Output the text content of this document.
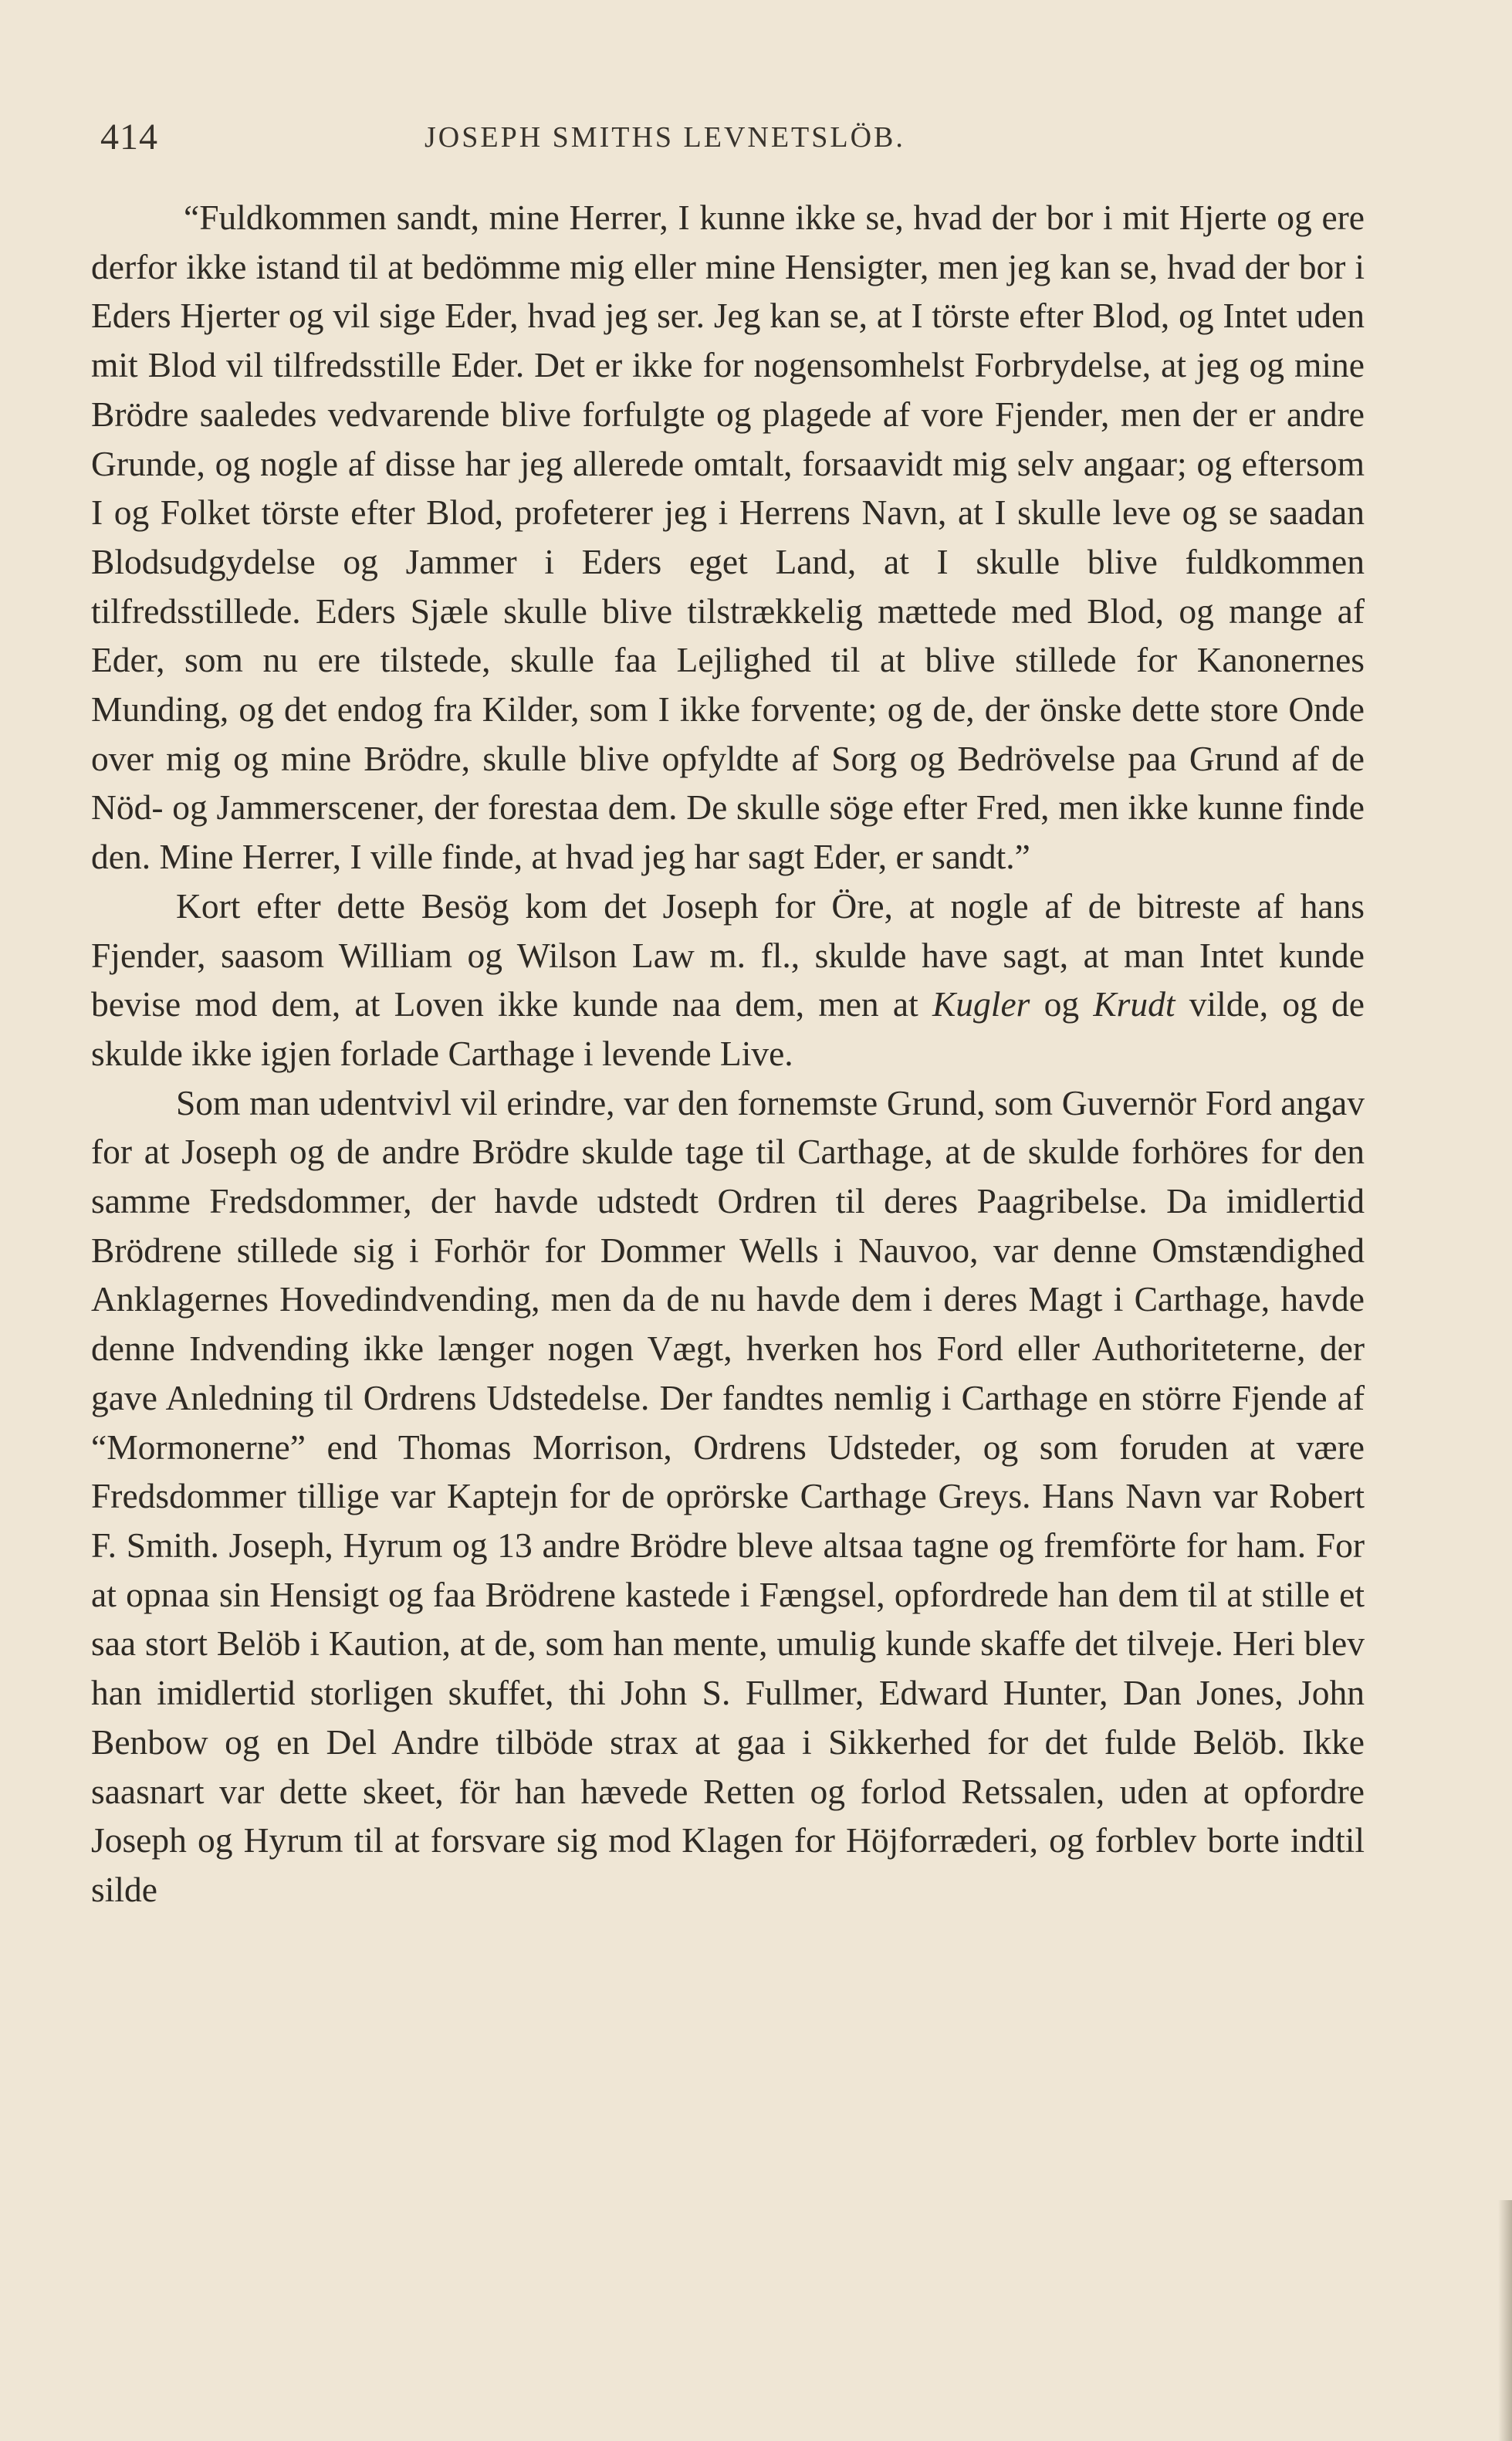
414	JOSEPH SMITHS LEVNETSLÖB.

“Fuldkommen sandt, mine Herrer, I kunne ikke se, hvad der bor i mit Hjerte og ere derfor ikke istand til at bedömme mig eller mine Hensigter, men jeg kan se, hvad der bor i Eders Hjerter og vil sige Eder, hvad jeg ser. Jeg kan se, at I törste efter Blod, og Intet uden mit Blod vil tilfredsstille Eder. Det er ikke for nogensomhelst Forbrydelse, at jeg og mine Brödre saaledes vedvarende blive forfulgte og plagede af vore Fjender, men der er andre Grunde, og nogle af disse har jeg allerede omtalt, forsaavidt mig selv angaar; og eftersom I og Folket törste efter Blod, profeterer jeg i Herrens Navn, at I skulle leve og se saadan Blodsudgydelse og Jammer i Eders eget Land, at I skulle blive fuldkommen tilfredsstillede. Eders Sjæle skulle blive tilstrækkelig mættede med Blod, og mange af Eder, som nu ere tilstede, skulle faa Lejlighed til at blive stillede for Kanonernes Munding, og det endog fra Kilder, som I ikke forvente; og de, der önske dette store Onde over mig og mine Brödre, skulle blive opfyldte af Sorg og Bedrövelse paa Grund af de Nöd- og Jammerscener, der forestaa dem. De skulle söge efter Fred, men ikke kunne finde den. Mine Herrer, I ville finde, at hvad jeg har sagt Eder, er sandt.”

Kort efter dette Besög kom det Joseph for Öre, at nogle af de bitreste af hans Fjender, saasom William og Wilson Law m. fl., skulde have sagt, at man Intet kunde bevise mod dem, at Loven ikke kunde naa dem, men at Kugler og Krudt vilde, og de skulde ikke igjen forlade Carthage i levende Live.

Som man udentvivl vil erindre, var den fornemste Grund, som Guvernör Ford angav for at Joseph og de andre Brödre skulde tage til Carthage, at de skulde forhöres for den samme Fredsdommer, der havde udstedt Ordren til deres Paagribelse. Da imidlertid Brödrene stillede sig i Forhör for Dommer Wells i Nauvoo, var denne Omstændighed Anklagernes Hovedindvending, men da de nu havde dem i deres Magt i Carthage, havde denne Indvending ikke længer nogen Vægt, hverken hos Ford eller Authoriteterne, der gave Anledning til Ordrens Udstedelse. Der fandtes nemlig i Carthage en större Fjende af “Mormonerne” end Thomas Morrison, Ordrens Udsteder, og som foruden at være Fredsdommer tillige var Kaptejn for de oprörske Carthage Greys. Hans Navn var Robert F. Smith. Joseph, Hyrum og 13 andre Brödre bleve altsaa tagne og fremförte for ham. For at opnaa sin Hensigt og faa Brödrene kastede i Fængsel, opfordrede han dem til at stille et saa stort Belöb i Kaution, at de, som han mente, umulig kunde skaffe det tilveje. Heri blev han imidlertid storligen skuffet, thi John S. Fullmer, Edward Hunter, Dan Jones, John Benbow og en Del Andre tilböde strax at gaa i Sikkerhed for det fulde Belöb. Ikke saasnart var dette skeet, för han hævede Retten og forlod Retssalen, uden at opfordre Joseph og Hyrum til at forsvare sig mod Klagen for Höjforræderi, og forblev borte indtil silde
